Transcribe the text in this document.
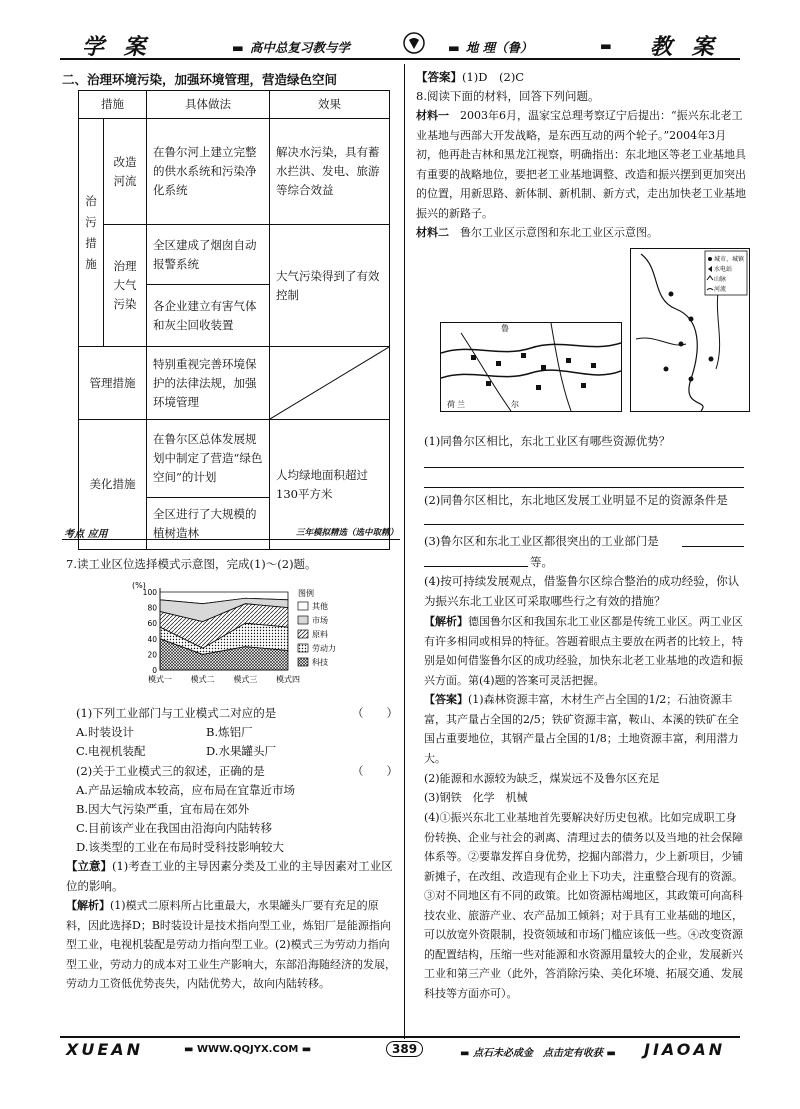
学 案	▬ 高中总复习教与学	▬ 地 理（鲁）	▬ 教 案
二、治理环境污染，加强环境管理，营造绿色空间
措施		具体做法	效果

治污措施	改造河流	在鲁尔河上建立完整的供水系统和污染净化系统	解决水污染，具有蓄水拦洪、发电、旅游等综合效益

	治理大气污染	全区建成了烟囱自动报警系统	大气污染得到了有效控制
		各企业建立有害气体和灰尘回收装置	
管理措施		特别重视完善环境保护的法律法规，加强环境管理	

美化措施		在鲁尔区总体发展规划中制定了营造“绿色空间”的计划	人均绿地面积超过130平方米
		全区进行了大规模的植树造林	
考点 应用	三年模拟精选（选中取精）
7.读工业区位选择模式示意图，完成(1)～(2)题。
(%)
0
20
40
60
80
100
模式一 模式二 模式三 模式四
图例
其他
市场
原料
劳动力
科技
(1)下列工业部门与工业模式二对应的是	（　　）
A.时装设计	B.炼铝厂
C.电视机装配	D.水果罐头厂
(2)关于工业模式三的叙述，正确的是	（　　）
A.产品运输成本较高，应布局在宜靠近市场
B.因大气污染严重，宜布局在郊外
C.目前该产业在我国由沿海向内陆转移
D.该类型的工业在布局时受科技影响较大
【立意】(1)考查工业的主导因素分类及工业的主导因素对工业区位的影响。
【解析】(1)模式二原料所占比重最大，水果罐头厂要有充足的原料，因此选择D；B时装设计是技术指向型工业，炼铝厂是能源指向型工业，电视机装配是劳动力指向型工业。(2)模式三为劳动力指向型工业，劳动力的成本对工业生产影响大，东部沿海随经济的发展，劳动力工资低优势丧失，内陆优势大，故向内陆转移。
【答案】(1)D　(2)C
8.阅读下面的材料，回答下列问题。
材料一　2003年6月，温家宝总理考察辽宁后提出：“振兴东北老工业基地与西部大开发战略，是东西互动的两个轮子。”2004年3月初，他再赴吉林和黑龙江视察，明确指出：东北地区等老工业基地具有重要的战略地位，要把老工业基地调整、改造和振兴摆到更加突出的位置，用新思路、新体制、新机制、新方式，走出加快老工业基地振兴的新路子。
材料二　鲁尔工业区示意图和东北工业区示意图。
荷 兰
鲁
尔
城市、城镇
水电站
山脉
河流
(1)同鲁尔区相比，东北工业区有哪些资源优势？
(2)同鲁尔区相比，东北地区发展工业明显不足的资源条件是
(3)鲁尔区和东北工业区都很突出的工业部门是
等。
(4)按可持续发展观点，借鉴鲁尔区综合整治的成功经验，你认为振兴东北工业区可采取哪些行之有效的措施？
【解析】德国鲁尔区和我国东北工业区都是传统工业区。两工业区有许多相同或相异的特征。答题着眼点主要放在两者的比较上，特别是如何借鉴鲁尔区的成功经验，加快东北老工业基地的改造和振兴方面。第(4)题的答案可灵活把握。
【答案】(1)森林资源丰富，木材生产占全国的1/2；石油资源丰富，其产量占全国的2/5；铁矿资源丰富，鞍山、本溪的铁矿在全国占重要地位，其钢产量占全国的1/8；土地资源丰富，利用潜力大。
(2)能源和水源较为缺乏，煤炭远不及鲁尔区充足
(3)钢铁　化学　机械
(4)①振兴东北工业基地首先要解决好历史包袱。比如完成职工身份转换、企业与社会的剥离、清理过去的债务以及当地的社会保障体系等。②要靠发挥自身优势，挖掘内部潜力，少上新项目，少铺新摊子，在改组、改造现有企业上下功夫，注重整合现有的资源。③对不同地区有不同的政策。比如资源枯竭地区，其政策可向高科技农业、旅游产业、农产品加工倾斜；对于具有工业基础的地区，可以放宽外资限制，投资领域和市场门槛应该低一些。④改变资源的配置结构，压缩一些对能源和水资源用量较大的企业，发展新兴工业和第三产业（此外，答消除污染、美化环境、拓展交通、发展科技等方面亦可）。
XUEAN	▬ WWW.QQJYX.COM ▬	389	▬ 点石未必成金　点击定有收获 ▬ JIAOAN
